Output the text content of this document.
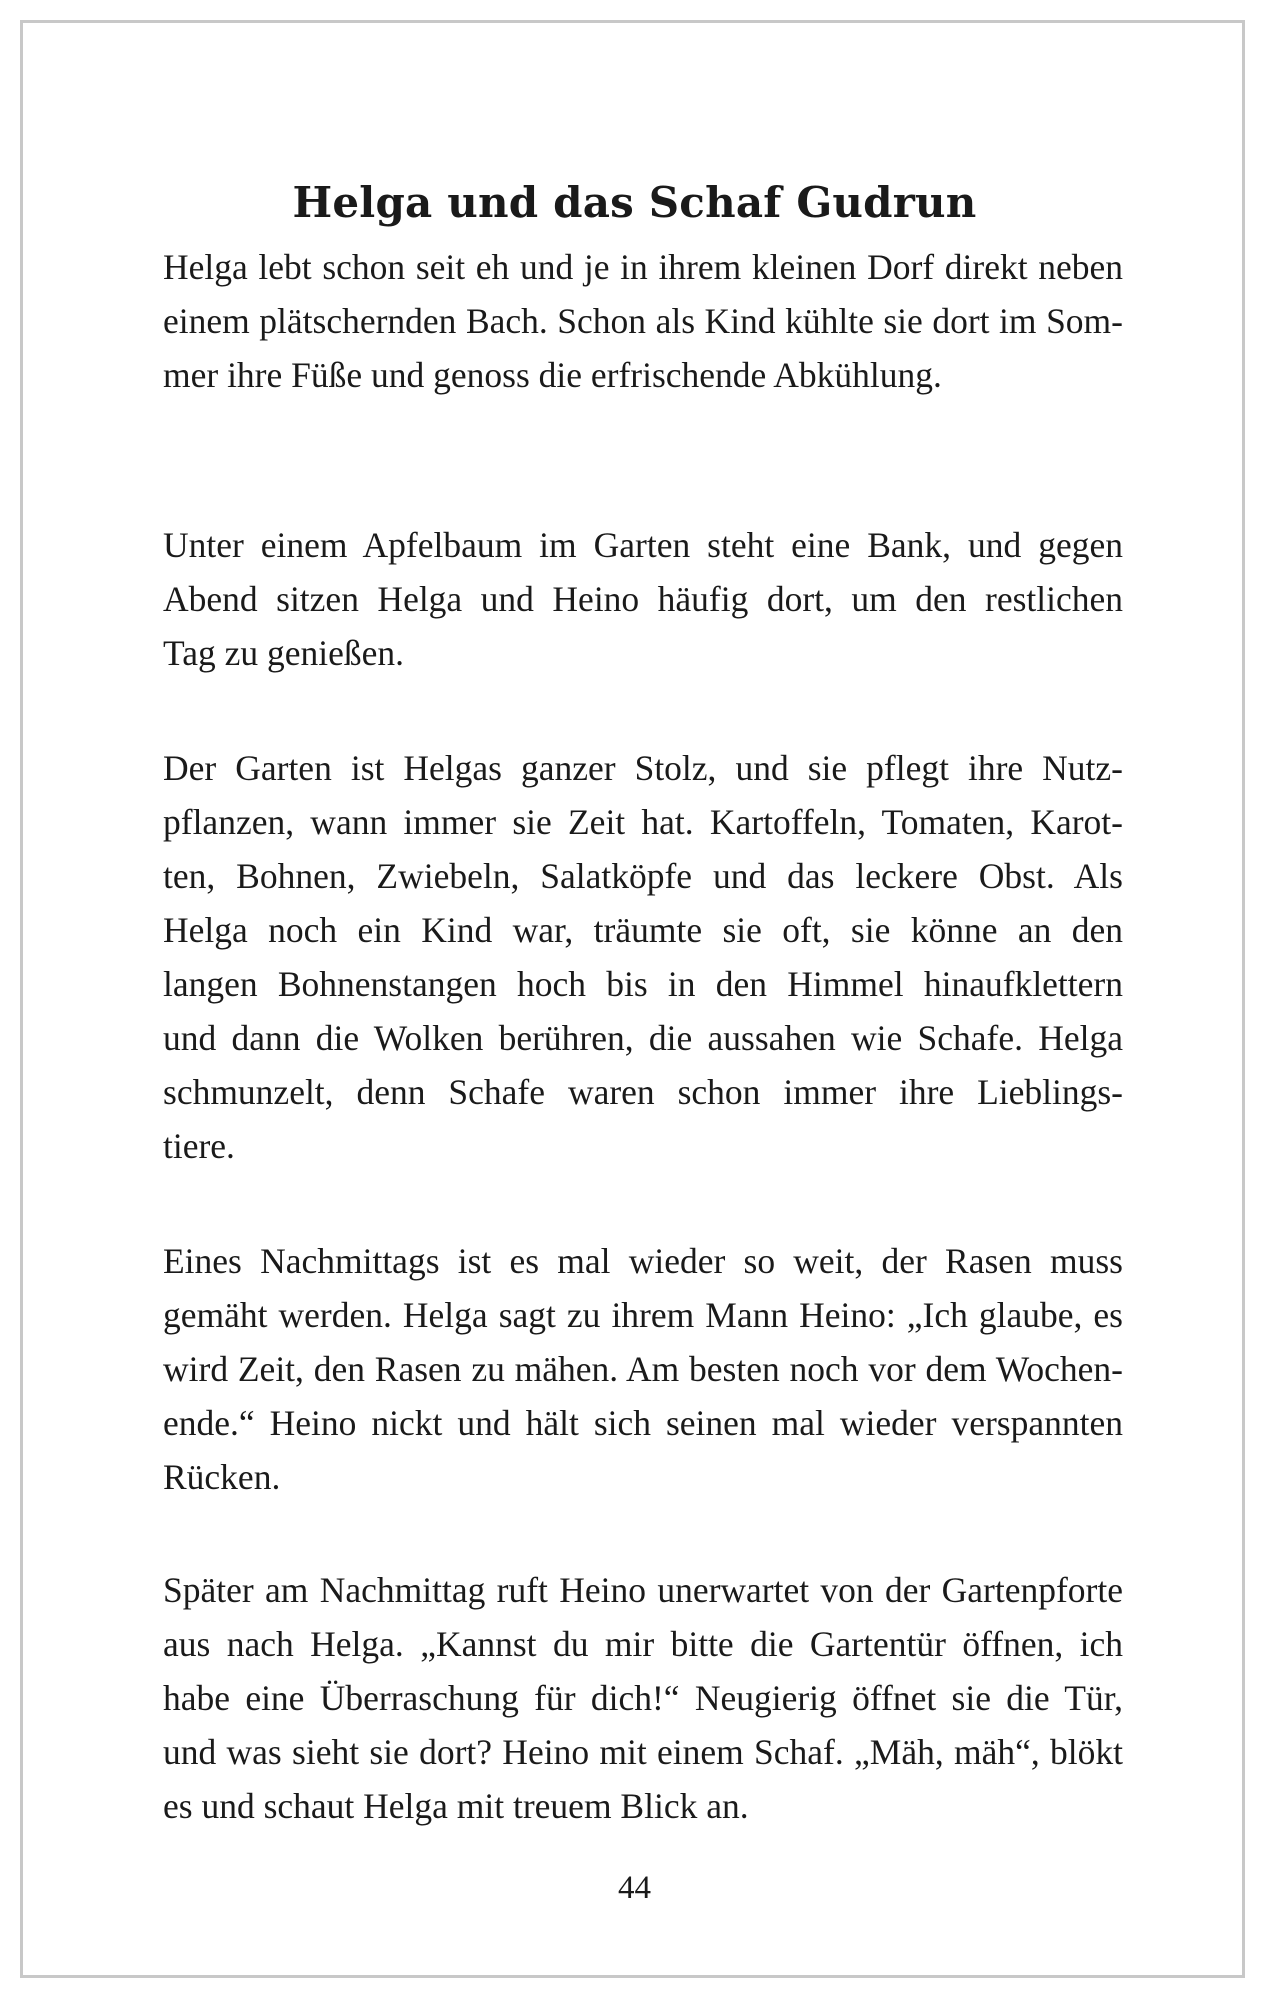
Helga und das Schaf Gudrun
Helga lebt schon seit eh und je in ihrem kleinen Dorf direkt neben
einem plätschernden Bach. Schon als Kind kühlte sie dort im Som-
mer ihre Füße und genoss die erfrischende Abkühlung.
Unter einem Apfelbaum im Garten steht eine Bank, und gegen
Abend sitzen Helga und Heino häufig dort, um den restlichen
Tag zu genießen.
Der Garten ist Helgas ganzer Stolz, und sie pflegt ihre Nutz-
pflanzen, wann immer sie Zeit hat. Kartoffeln, Tomaten, Karot-
ten, Bohnen, Zwiebeln, Salatköpfe und das leckere Obst. Als
Helga noch ein Kind war, träumte sie oft, sie könne an den
langen Bohnenstangen hoch bis in den Himmel hinaufklettern
und dann die Wolken berühren, die aussahen wie Schafe. Helga
schmunzelt, denn Schafe waren schon immer ihre Lieblings-
tiere.
Eines Nachmittags ist es mal wieder so weit, der Rasen muss
gemäht werden. Helga sagt zu ihrem Mann Heino: „Ich glaube, es
wird Zeit, den Rasen zu mähen. Am besten noch vor dem Wochen-
ende.“ Heino nickt und hält sich seinen mal wieder verspannten
Rücken.
Später am Nachmittag ruft Heino unerwartet von der Gartenpforte
aus nach Helga. „Kannst du mir bitte die Gartentür öffnen, ich
habe eine Überraschung für dich!“ Neugierig öffnet sie die Tür,
und was sieht sie dort? Heino mit einem Schaf. „Mäh, mäh“, blökt
es und schaut Helga mit treuem Blick an.
44
